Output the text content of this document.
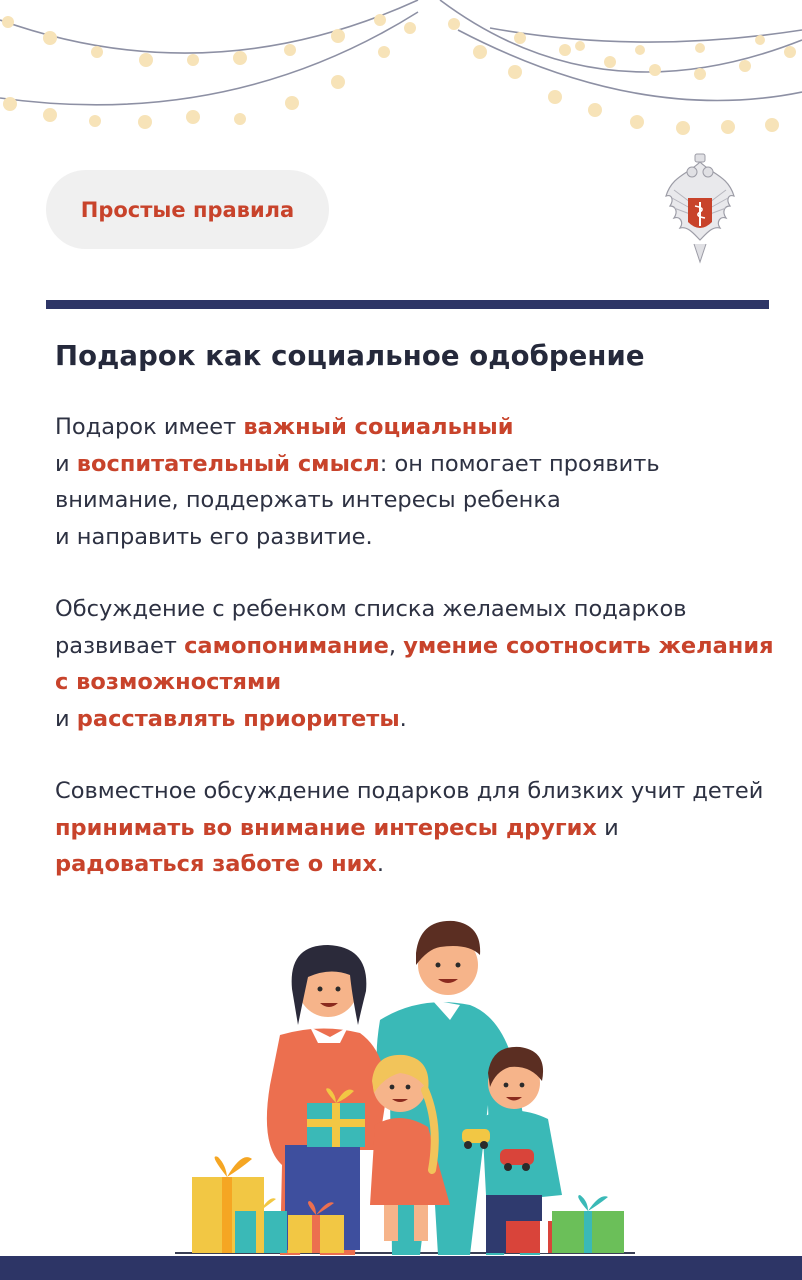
Простые правила
Подарок как социальное одобрение

Подарок имеет важный социальный
и воспитательный смысл: он помогает проявить внимание, поддержать интересы ребенка
и направить его развитие.

Обсуждение с ребенком списка желаемых подарков развивает самопонимание, умение соотносить желания с возможностями
и расставлять приоритеты.

Совместное обсуждение подарков для близких учит детей принимать во внимание интересы других и радоваться заботе о них.
